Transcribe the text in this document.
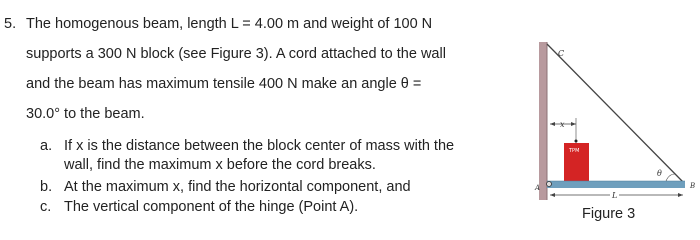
5. The homogenous beam, length L = 4.00 m and weight of 100 N
supports a 300 N block (see Figure 3). A cord attached to the wall
and the beam has maximum tensile 400 N make an angle θ =
30.0° to the beam.
a. If x is the distance between the block center of mass with the
wall, find the maximum x before the cord breaks.
b. At the maximum x, find the horizontal component, and
c. The vertical component of the hinge (Point A).
C
x
TPM
A	B
θ
L
Figure 3
